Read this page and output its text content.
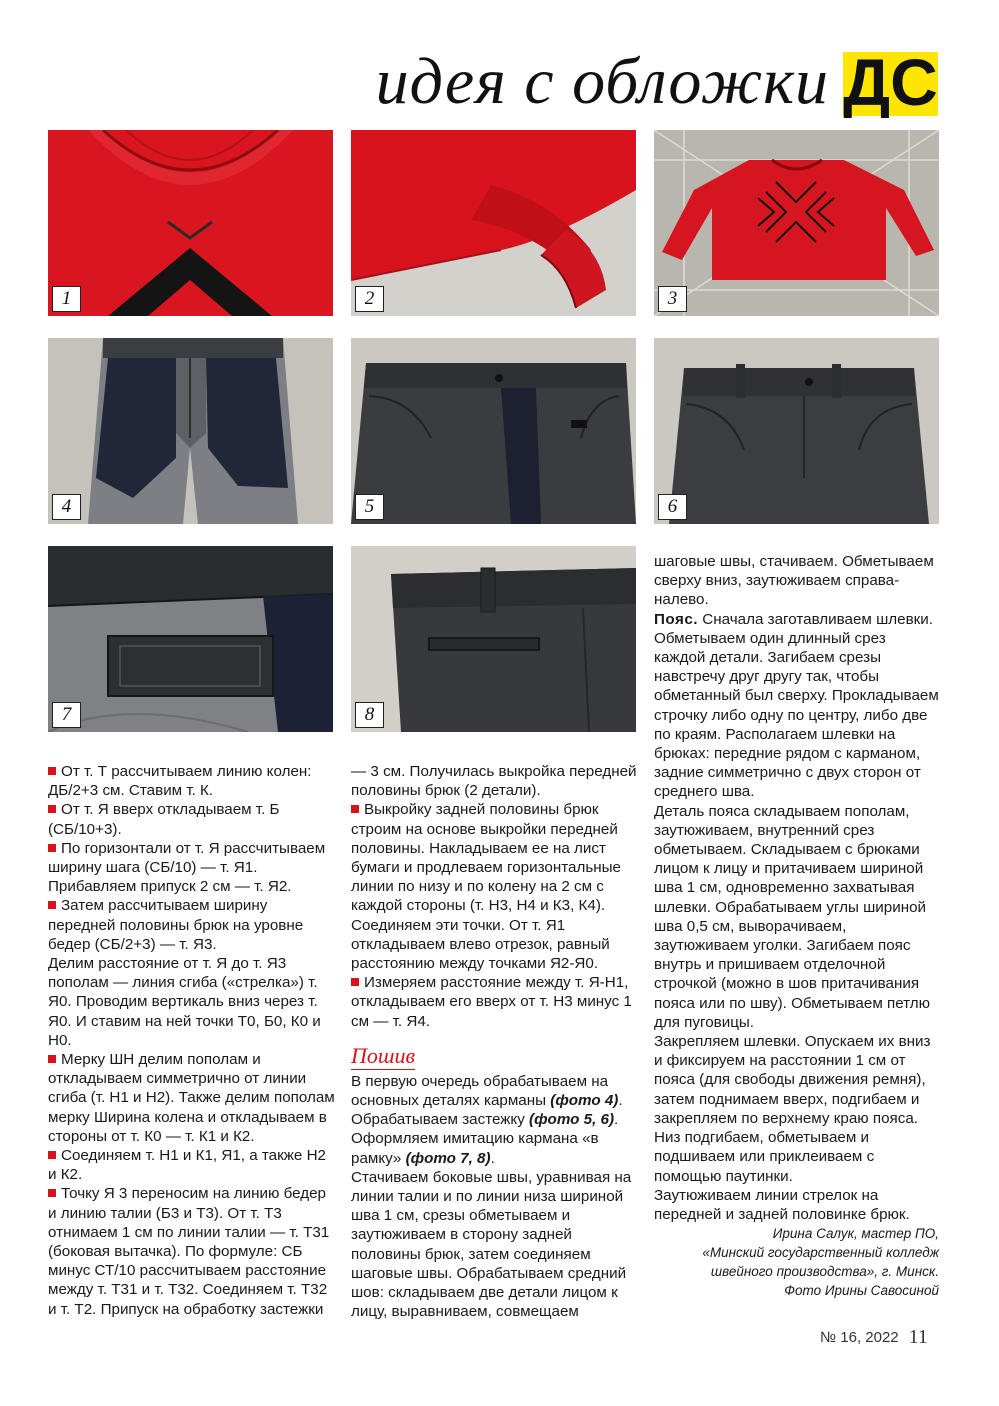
идея с обложки ДС
1	2	3
4	5	6
7	8

От т. Т рассчитываем линию колен: ДБ/2+3 см. Ставим т. К.

От т. Я вверх откладываем т. Б (СБ/10+3).

По горизонтали от т. Я рассчитываем ширину шага (СБ/10) — т. Я1. Прибавляем припуск 2 см — т. Я2.

Затем рассчитываем ширину передней половины брюк на уровне бедер (СБ/2+3) — т. Я3.

Делим расстояние от т. Я до т. Я3 пополам — линия сгиба («стрелка») т. Я0. Проводим вертикаль вниз через т. Я0. И ставим на ней точки Т0, Б0, К0 и Н0.

Мерку ШН делим пополам и откладываем симметрично от линии сгиба (т. Н1 и Н2). Также делим пополам мерку Ширина колена и откладываем в стороны от т. К0 — т. К1 и К2.

Соединяем т. Н1 и К1, Я1, а также Н2 и К2.

Точку Я 3 переносим на линию бедер и линию талии (Б3 и Т3). От т. Т3 отнимаем 1 см по линии талии — т. Т31 (боковая вытачка). По формуле: СБ минус СТ/10 рассчитываем расстояние между т. Т31 и т. Т32. Соединяем т. Т32 и т. Т2. Припуск на обработку застежки

— 3 см. Получилась выкройка передней половины брюк (2 детали).

Выкройку задней половины брюк строим на основе выкройки передней половины. Накладываем ее на лист бумаги и продлеваем горизонтальные линии по низу и по колену на 2 см с каждой стороны (т. Н3, Н4 и К3, К4). Соединяем эти точки. От т. Я1 откладываем влево отрезок, равный расстоянию между точками Я2-Я0.

Измеряем расстояние между т. Я-Н1, откладываем его вверх от т. Н3 минус 1 см — т. Я4.

Пошив

В первую очередь обрабатываем на основных деталях карманы (фото 4). Обрабатываем застежку (фото 5, 6). Оформляем имитацию кармана «в рамку» (фото 7, 8).

Стачиваем боковые швы, уравнивая на линии талии и по линии низа шириной шва 1 см, срезы обметываем и заутюживаем в сторону задней половины брюк, затем соединяем шаговые швы. Обрабатываем средний шов: складываем две детали лицом к лицу, выравниваем, совмещаем

шаговые швы, стачиваем. Обметываем сверху вниз, заутюживаем справа-налево.

Пояс. Сначала заготавливаем шлевки. Обметываем один длинный срез каждой детали. Загибаем срезы навстречу друг другу так, чтобы обметанный был сверху. Прокладываем строчку либо одну по центру, либо две по краям. Располагаем шлевки на брюках: передние рядом с карманом, задние симметрично с двух сторон от среднего шва.

Деталь пояса складываем пополам, заутюживаем, внутренний срез обметываем. Складываем с брюками лицом к лицу и притачиваем шириной шва 1 см, одновременно захватывая шлевки. Обрабатываем углы шириной шва 0,5 см, выворачиваем, заутюживаем уголки. Загибаем пояс внутрь и пришиваем отделочной строчкой (можно в шов притачивания пояса или по шву). Обметываем петлю для пуговицы.

Закрепляем шлевки. Опускаем их вниз и фиксируем на расстоянии 1 см от пояса (для свободы движения ремня), затем поднимаем вверх, подгибаем и закрепляем по верхнему краю пояса.

Низ подгибаем, обметываем и подшиваем или приклеиваем с помощью паутинки.

Заутюживаем линии стрелок на передней и задней половинке брюк.

Ирина Салук, мастер ПО,

«Минский государственный колледж

швейного производства», г. Минск.

Фото Ирины Савосиной

№ 16, 2022 11
